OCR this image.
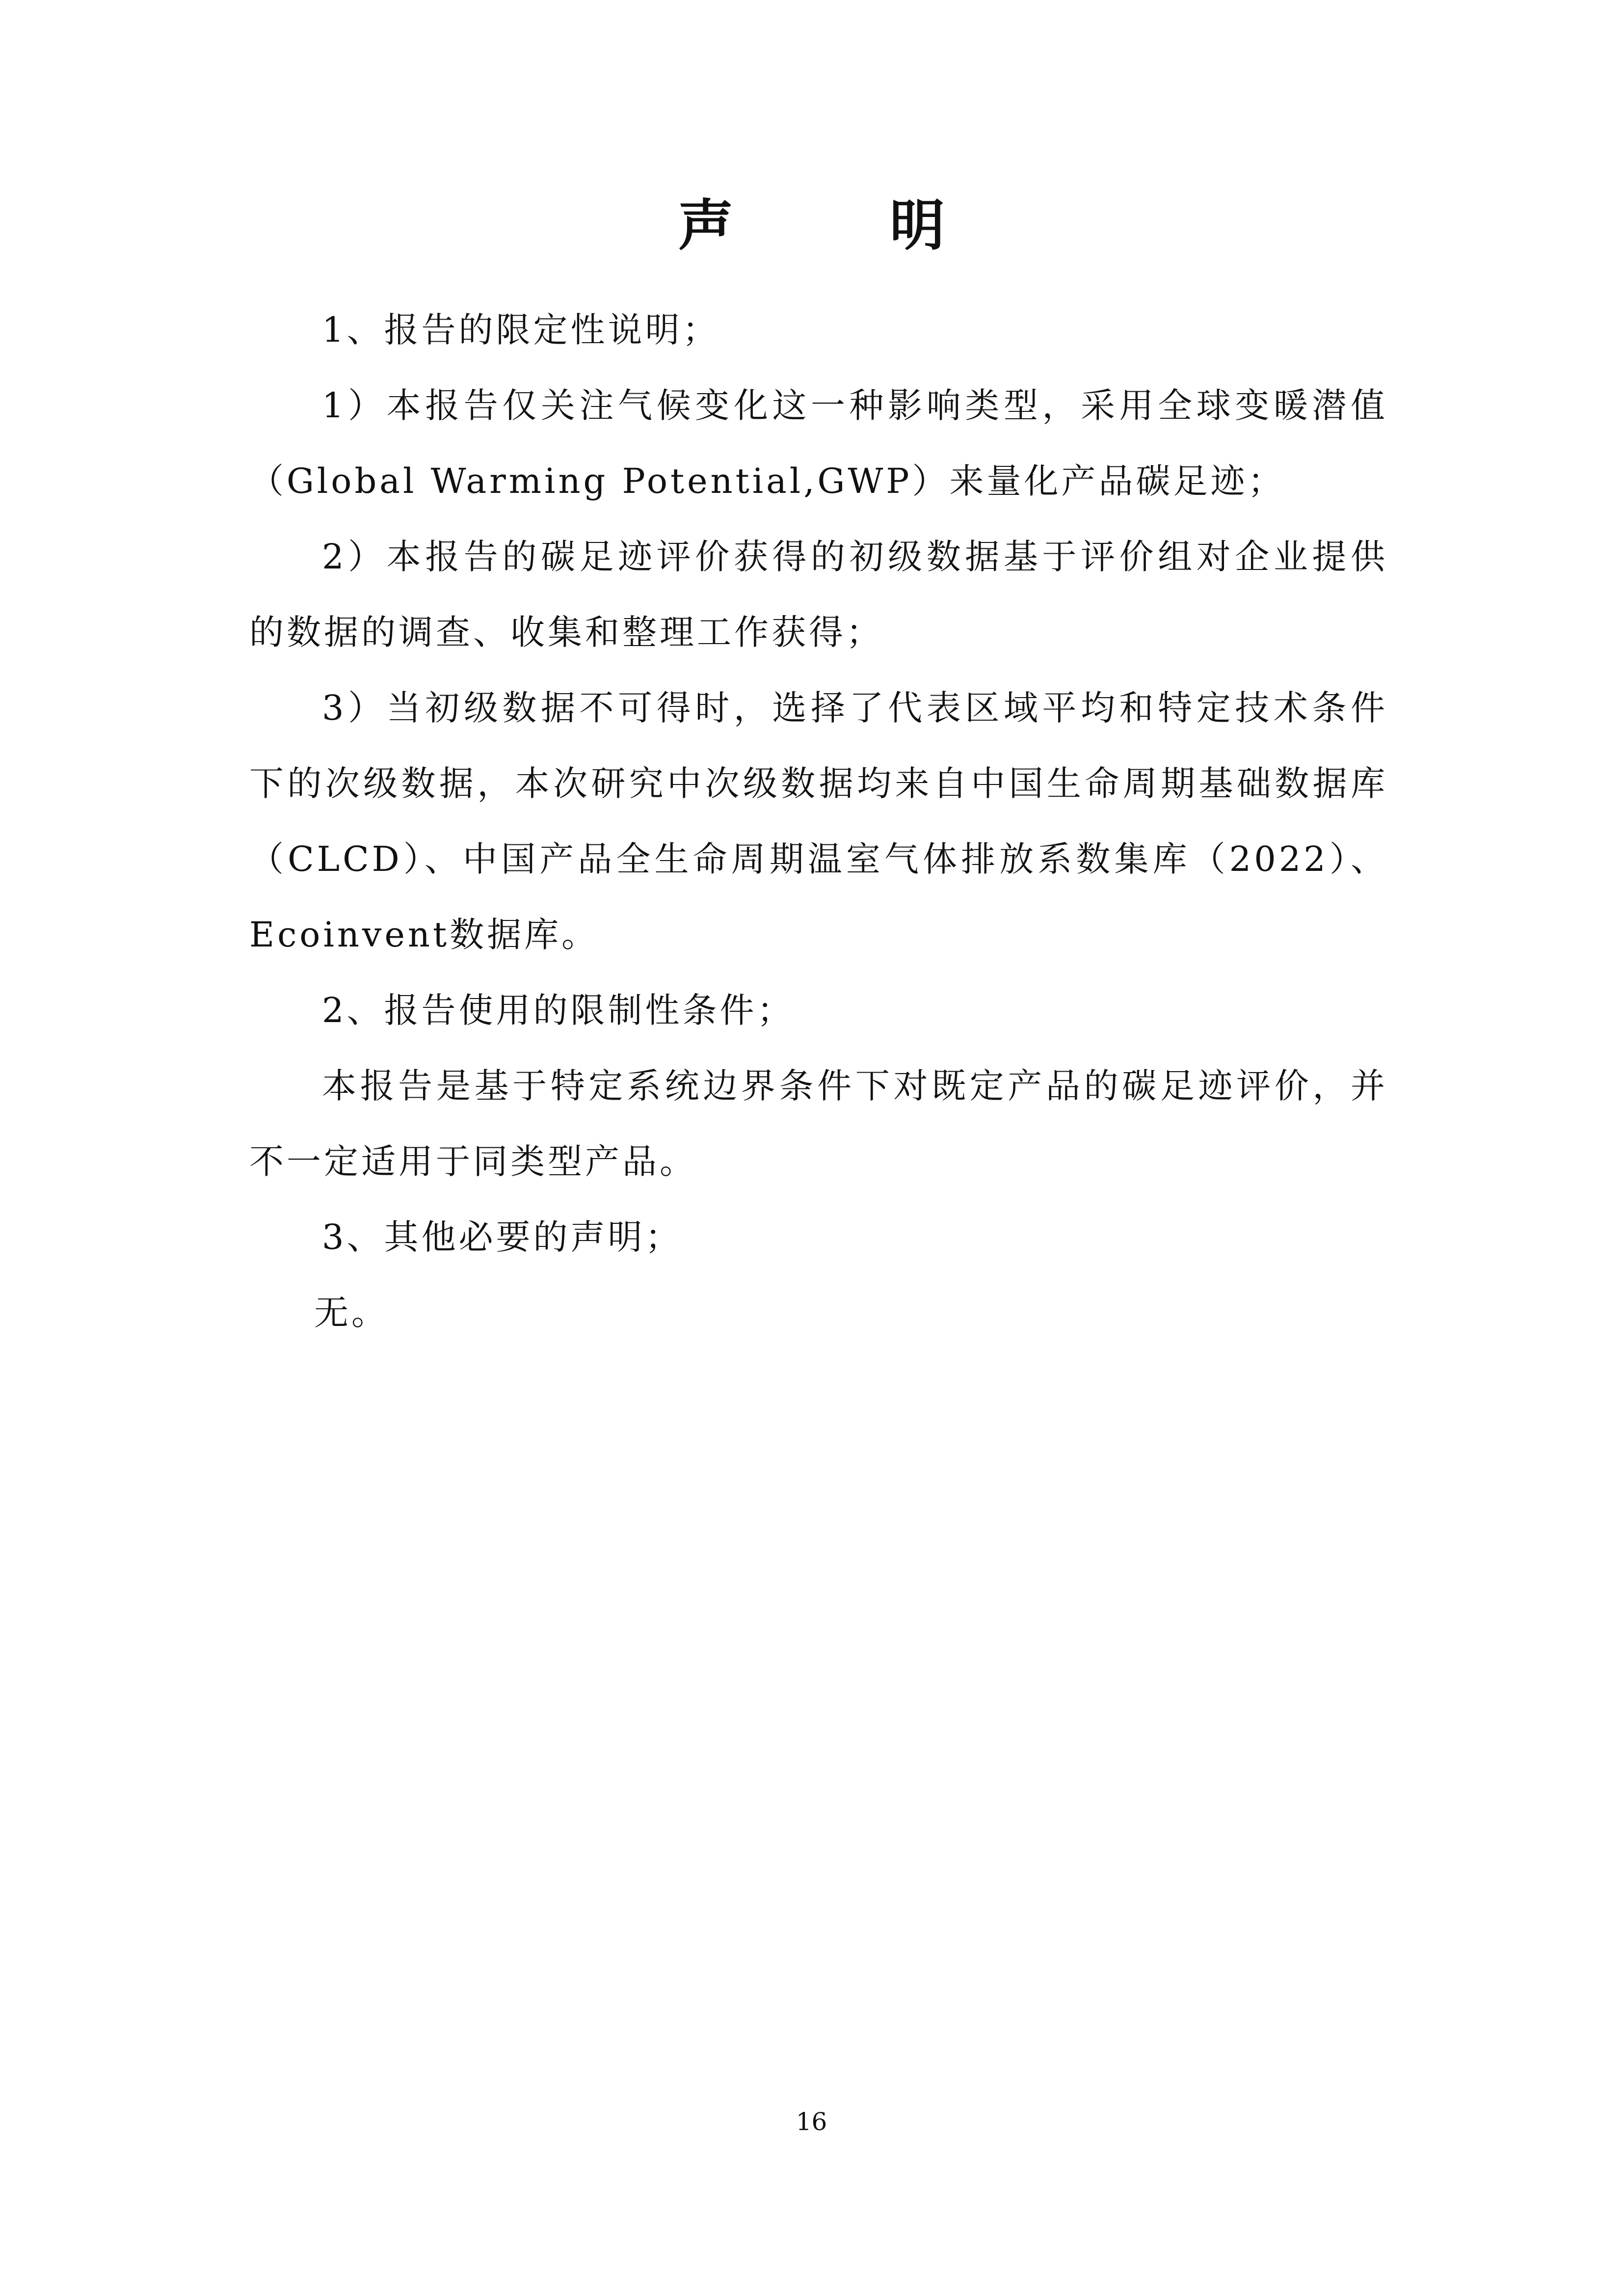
声 明

1、报告的限定性说明；

1）本报告仅关注气候变化这一种影响类型，采用全球变暖潜值（Global Warming Potential,GWP）来量化产品碳足迹；

2）本报告的碳足迹评价获得的初级数据基于评价组对企业提供的数据的调查、收集和整理工作获得；

3）当初级数据不可得时，选择了代表区域平均和特定技术条件下的次级数据，本次研究中次级数据均来自中国生命周期基础数据库（CLCD）、中国产品全生命周期温室气体排放系数集库（2022）、Ecoinvent数据库。

2、报告使用的限制性条件；

本报告是基于特定系统边界条件下对既定产品的碳足迹评价，并不一定适用于同类型产品。

3、其他必要的声明；

无。

16
